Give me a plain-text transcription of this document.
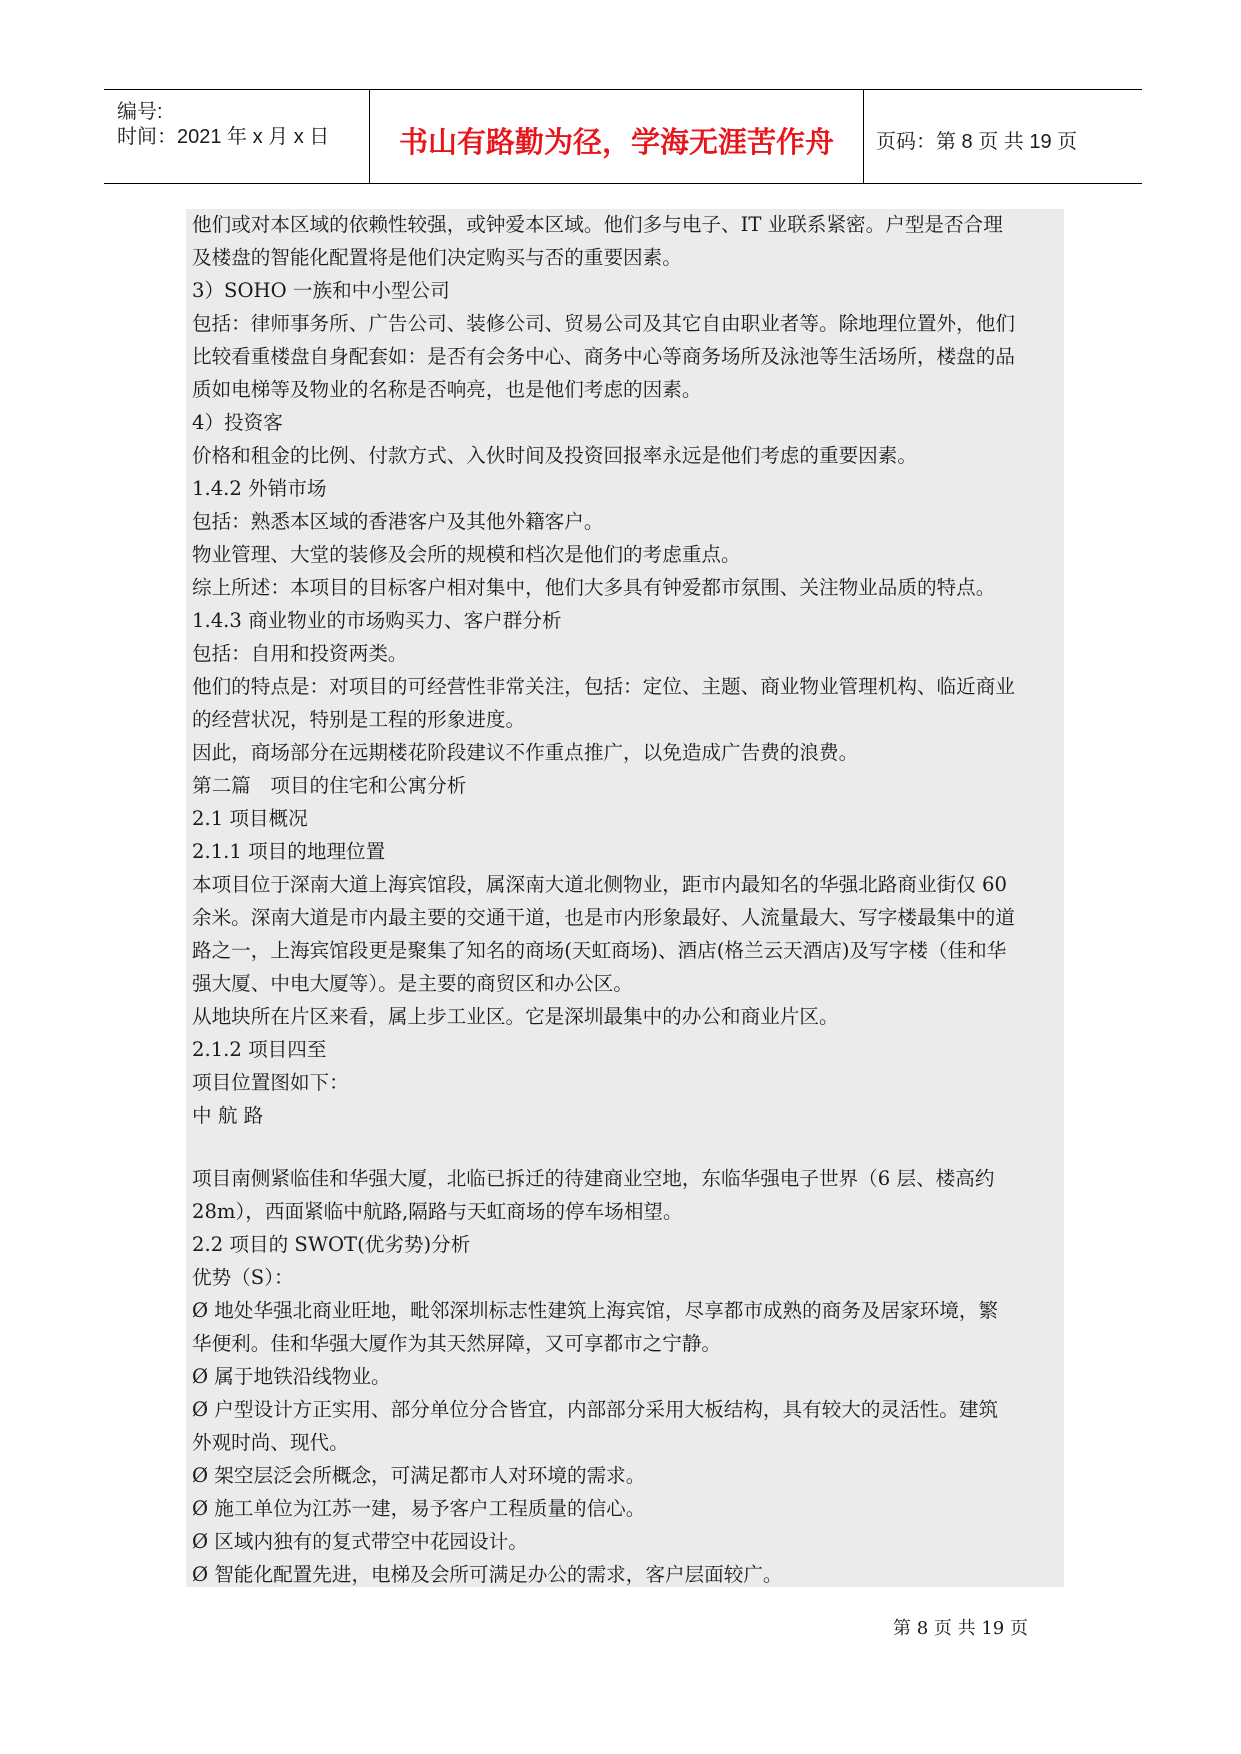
编号:
时间：2021 年 x 月 x 日	书山有路勤为径，学海无涯苦作舟	页码：第 8 页 共 19 页
他们或对本区域的依赖性较强，或钟爱本区域。他们多与电子、IT 业联系紧密。户型是否合理
及楼盘的智能化配置将是他们决定购买与否的重要因素。
3）SOHO 一族和中小型公司
包括：律师事务所、广告公司、装修公司、贸易公司及其它自由职业者等。除地理位置外，他们
比较看重楼盘自身配套如：是否有会务中心、商务中心等商务场所及泳池等生活场所，楼盘的品
质如电梯等及物业的名称是否响亮，也是他们考虑的因素。
4）投资客
价格和租金的比例、付款方式、入伙时间及投资回报率永远是他们考虑的重要因素。
1.4.2 外销市场
包括：熟悉本区域的香港客户及其他外籍客户。
物业管理、大堂的装修及会所的规模和档次是他们的考虑重点。
综上所述：本项目的目标客户相对集中，他们大多具有钟爱都市氛围、关注物业品质的特点。
1.4.3 商业物业的市场购买力、客户群分析
包括：自用和投资两类。
他们的特点是：对项目的可经营性非常关注，包括：定位、主题、商业物业管理机构、临近商业
的经营状况，特别是工程的形象进度。
因此，商场部分在远期楼花阶段建议不作重点推广，以免造成广告费的浪费。
第二篇　项目的住宅和公寓分析
2.1 项目概况
2.1.1 项目的地理位置
本项目位于深南大道上海宾馆段，属深南大道北侧物业，距市内最知名的华强北路商业街仅 60
余米。深南大道是市内最主要的交通干道，也是市内形象最好、人流量最大、写字楼最集中的道
路之一，上海宾馆段更是聚集了知名的商场(天虹商场)、酒店(格兰云天酒店)及写字楼（佳和华
强大厦、中电大厦等）。是主要的商贸区和办公区。
从地块所在片区来看，属上步工业区。它是深圳最集中的办公和商业片区。
2.1.2 项目四至
项目位置图如下：
中 航 路
项目南侧紧临佳和华强大厦，北临已拆迁的待建商业空地，东临华强电子世界（6 层、楼高约
28m），西面紧临中航路,隔路与天虹商场的停车场相望。
2.2 项目的 SWOT(优劣势)分析
优势（S）：
Ø 地处华强北商业旺地，毗邻深圳标志性建筑上海宾馆，尽享都市成熟的商务及居家环境，繁
华便利。佳和华强大厦作为其天然屏障，又可享都市之宁静。
Ø 属于地铁沿线物业。
Ø 户型设计方正实用、部分单位分合皆宜，内部部分采用大板结构，具有较大的灵活性。建筑
外观时尚、现代。
Ø 架空层泛会所概念，可满足都市人对环境的需求。
Ø 施工单位为江苏一建，易予客户工程质量的信心。
Ø 区域内独有的复式带空中花园设计。
Ø 智能化配置先进，电梯及会所可满足办公的需求，客户层面较广。
第 8 页 共 19 页
